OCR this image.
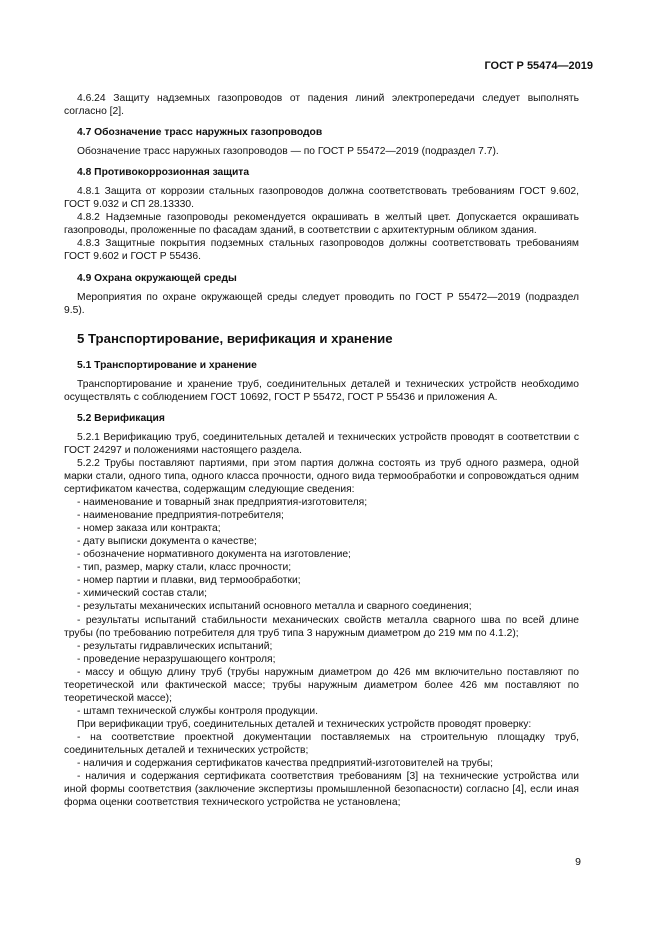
ГОСТ Р 55474—2019

4.6.24 Защиту надземных газопроводов от падения линий электропередачи следует выполнять согласно [2].

4.7 Обозначение трасс наружных газопроводов

Обозначение трасс наружных газопроводов — по ГОСТ Р 55472—2019 (подраздел 7.7).

4.8 Противокоррозионная защита

4.8.1 Защита от коррозии стальных газопроводов должна соответствовать требованиям ГОСТ 9.602, ГОСТ 9.032 и СП 28.13330.

4.8.2 Надземные газопроводы рекомендуется окрашивать в желтый цвет. Допускается окрашивать газопроводы, проложенные по фасадам зданий, в соответствии с архитектурным обликом здания.

4.8.3 Защитные покрытия подземных стальных газопроводов должны соответствовать требованиям ГОСТ 9.602 и ГОСТ Р 55436.

4.9 Охрана окружающей среды

Мероприятия по охране окружающей среды следует проводить по ГОСТ Р 55472—2019 (подраздел 9.5).

5 Транспортирование, верификация и хранение
5.1 Транспортирование и хранение

Транспортирование и хранение труб, соединительных деталей и технических устройств необходимо осуществлять с соблюдением ГОСТ 10692, ГОСТ Р 55472, ГОСТ Р 55436 и приложения А.

5.2 Верификация

5.2.1 Верификацию труб, соединительных деталей и технических устройств проводят в соответствии с ГОСТ 24297 и положениями настоящего раздела.

5.2.2 Трубы поставляют партиями, при этом партия должна состоять из труб одного размера, одной марки стали, одного типа, одного класса прочности, одного вида термообработки и сопровождаться одним сертификатом качества, содержащим следующие сведения:

- наименование и товарный знак предприятия-изготовителя;

- наименование предприятия-потребителя;

- номер заказа или контракта;

- дату выписки документа о качестве;

- обозначение нормативного документа на изготовление;

- тип, размер, марку стали, класс прочности;

- номер партии и плавки, вид термообработки;

- химический состав стали;

- результаты механических испытаний основного металла и сварного соединения;

- результаты испытаний стабильности механических свойств металла сварного шва по всей длине трубы (по требованию потребителя для труб типа 3 наружным диаметром до 219 мм по 4.1.2);

- результаты гидравлических испытаний;

- проведение неразрушающего контроля;

- массу и общую длину труб (трубы наружным диаметром до 426 мм включительно поставляют по теоретической или фактической массе; трубы наружным диаметром более 426 мм поставляют по теоретической массе);

- штамп технической службы контроля продукции.

При верификации труб, соединительных деталей и технических устройств проводят проверку:

- на соответствие проектной документации поставляемых на строительную площадку труб, соединительных деталей и технических устройств;

- наличия и содержания сертификатов качества предприятий-изготовителей на трубы;

- наличия и содержания сертификата соответствия требованиям [3] на технические устройства или иной формы соответствия (заключение экспертизы промышленной безопасности) согласно [4], если иная форма оценки соответствия технического устройства не установлена;

9
